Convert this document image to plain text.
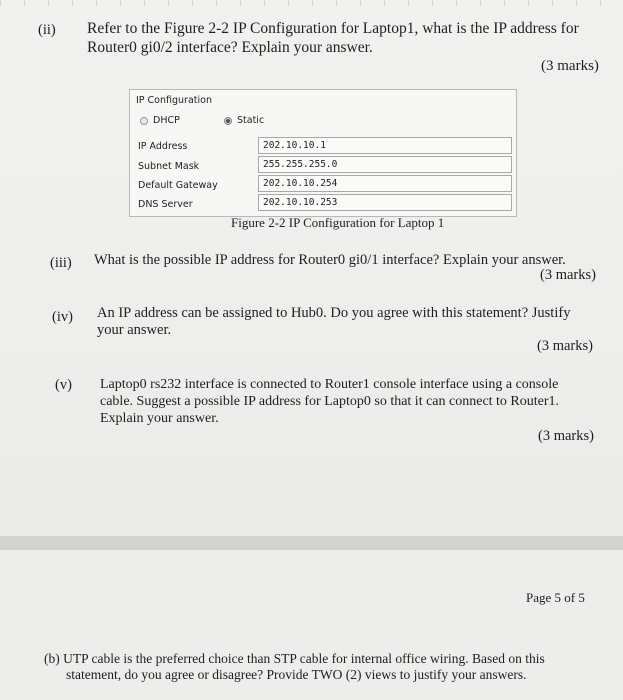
(ii) Refer to the Figure 2-2 IP Configuration for Laptop1, what is the IP address for
Router0 gi0/2 interface? Explain your answer.
(3 marks)
IP Configuration
DHCP	Static
IP Address	202.10.10.1
Subnet Mask	255.255.255.0
Default Gateway	202.10.10.254
DNS Server	202.10.10.253
Figure 2-2 IP Configuration for Laptop 1
(iii) What is the possible IP address for Router0 gi0/1 interface? Explain your answer.
(3 marks)
(iv) An IP address can be assigned to Hub0. Do you agree with this statement? Justify
your answer.
(3 marks)
(v) Laptop0 rs232 interface is connected to Router1 console interface using a console
cable. Suggest a possible IP address for Laptop0 so that it can connect to Router1.
Explain your answer.
(3 marks)
Page 5 of 5
(b) UTP cable is the preferred choice than STP cable for internal office wiring. Based on this
statement, do you agree or disagree? Provide TWO (2) views to justify your answers.
